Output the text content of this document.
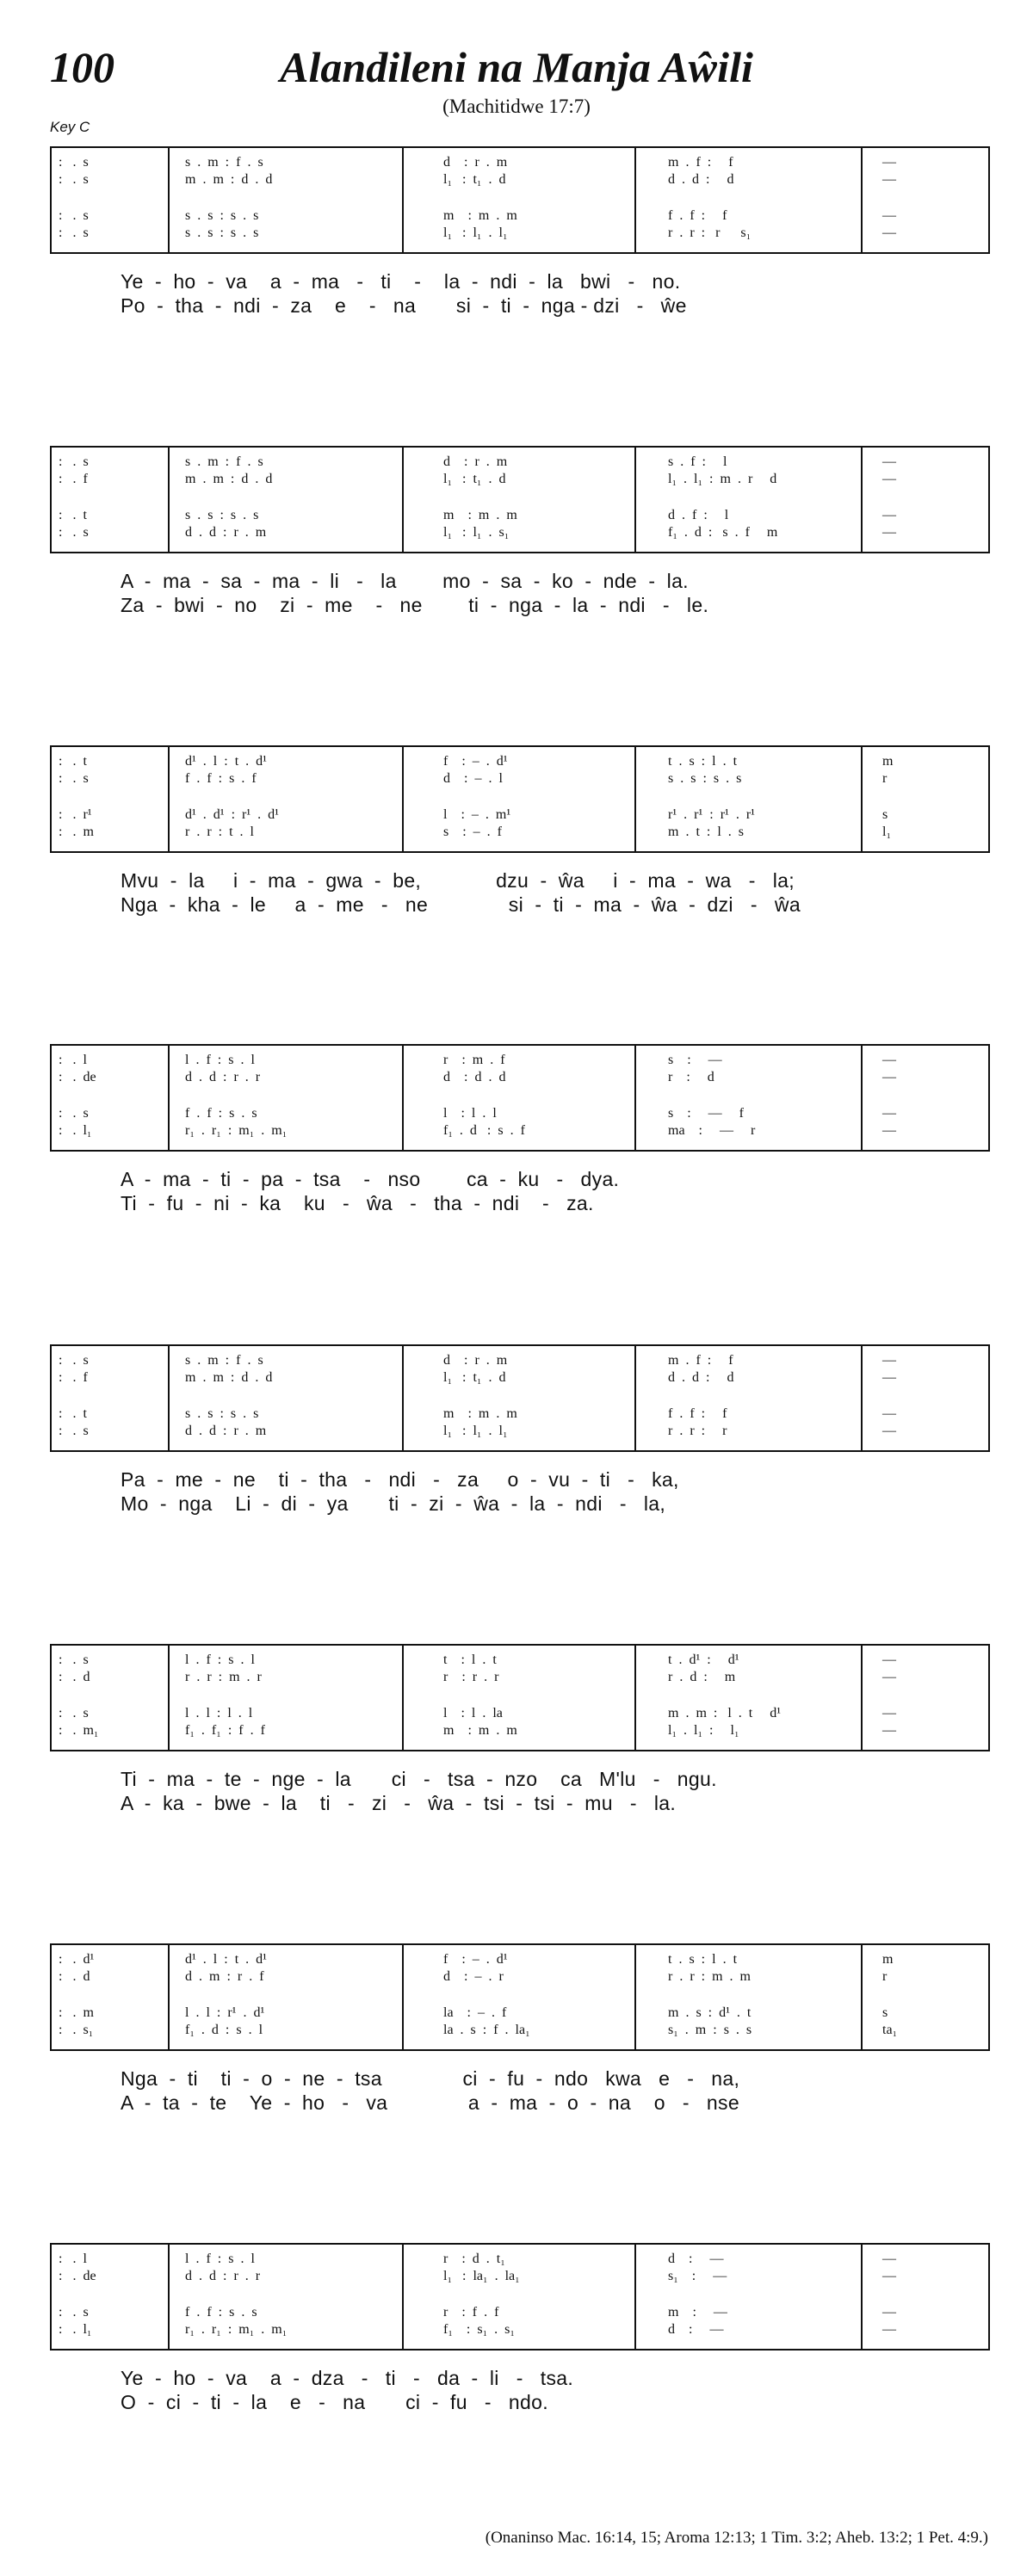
100	Alandileni na Manja Aŵili
(Machitidwe 17:7)
Key C
:   .  s	s  .  m  :  f  .  s	d    :  r  .  m	m  .  f  :     f	—
:   .  s	m  .  m  :  d  .  d	l₁   :  t₁  .  d	d  .  d  :     d	—
:   .  s	s  .  s  :  s  .  s	m    :  m  .  m	f  .  f  :     f	—
:   .  s	s  .  s  :  s  .  s	l₁   :  l₁  .  l₁	r  .  r  :   r      s₁	—
Ye  -  ho  -  va    a  -  ma   -   ti    -    la  -  ndi  -  la   bwi   -   no.
Po  -  tha  -  ndi  -  za    e    -   na       si  -  ti  -  nga - dzi   -   ŵe
:   .  s	s  .  m  :  f  .  s	d    :  r  .  m	s  .  f  :     l	—
:   .  f	m  .  m  :  d  .  d	l₁   :  t₁  .  d	l₁  .  l₁  :  m  .  r     d	—
:   .  t	s  .  s  :  s  .  s	m    :  m  .  m	d  .  f  :     l	—
:   .  s	d  .  d  :  r  .  m	l₁   :  l₁  .  s₁	f₁  .  d  :   s  .  f     m	—
A  -  ma  -  sa  -  ma  -  li   -   la        mo  -  sa  -  ko  -  nde  -  la.
Za  -  bwi  -  no    zi  -  me    -   ne        ti  -  nga  -  la  -  ndi   -   le.
:   .  t	d¹  .  l  :  t  .  d¹	f    :  –  .  d¹	t  .  s  :  l  .  t	m
:   .  s	f  .  f  :  s  .  f	d    :  –  .  l	s  .  s  :  s  .  s	r
:   .  r¹	d¹  .  d¹  :  r¹  .  d¹	l    :  –  .  m¹	r¹  .  r¹  :  r¹  .  r¹	s
:   .  m	r  .  r  :  t  .  l	s    :  –  .  f	m  .  t  :  l  .  s	l₁
Mvu  -  la     i  -  ma  -  gwa  -  be,             dzu  -  ŵa     i  -  ma  -  wa   -   la;
Nga  -  kha  -  le     a  -  me   -   ne              si  -  ti  -  ma  -  ŵa  -  dzi   -   ŵa
:   .  l	l  .  f  :  s  .  l	r    :  m  .  f	s    :     —	—
:   .  de	d  .  d  :  r  .  r	d    :  d  .  d	r    :     d	—
:   .  s	f  .  f  :  s  .  s	l    :  l  .  l	s    :     —     f	—
:   .  l₁	r₁  .  r₁  :  m₁  .  m₁	f₁  .  d   :  s  .  f	ma    :     —     r	—
A  -  ma  -  ti  -  pa  -  tsa    -   nso        ca  -  ku   -   dya.
Ti  -  fu  -  ni  -  ka    ku   -   ŵa   -   tha  -  ndi    -   za.
:   .  s	s  .  m  :  f  .  s	d    :  r  .  m	m  .  f  :     f	—
:   .  f	m  .  m  :  d  .  d	l₁   :  t₁  .  d	d  .  d  :     d	—
:   .  t	s  .  s  :  s  .  s	m    :  m  .  m	f  .  f  :     f	—
:   .  s	d  .  d  :  r  .  m	l₁   :  l₁  .  l₁	r  .  r  :     r	—
Pa  -  me  -  ne    ti  -  tha   -   ndi   -   za     o  -  vu  -  ti   -   ka,
Mo  -  nga    Li  -  di  -  ya       ti  -  zi  -  ŵa  -  la  -  ndi   -   la,
:   .  s	l  .  f  :  s  .  l	t    :  l  .  t	t  .  d¹  :     d¹	—
:   .  d	r  .  r  :  m  .  r	r    :  r  .  r	r  .  d  :     m	—
:   .  s	l  .  l  :  l  .  l	l    :  l  .  la	m  .  m  :   l  .  t     d¹	—
:   .  m₁	f₁  .  f₁  :  f  .  f	m    :  m  .  m	l₁  .  l₁  :     l₁	—
Ti  -  ma  -  te  -  nge  -  la       ci   -   tsa  -  nzo    ca   M'lu   -   ngu.
A  -  ka  -  bwe  -  la    ti   -   zi   -   ŵa  -  tsi  -  tsi  -  mu   -   la.
:   .  d¹	d¹  .  l  :  t  .  d¹	f    :  –  .  d¹	t  .  s  :  l  .  t	m
:   .  d	d  .  m  :  r  .  f	d    :  –  .  r	r  .  r  :  m  .  m	r
:   .  m	l  .  l  :  r¹  .  d¹	la    :  –  .  f	m  .  s  :  d¹  .  t	s
:   .  s₁	f₁  .  d  :  s  .  l	la  .  s  :  f  .  la₁	s₁  .  m  :  s  .  s	ta₁
Nga  -  ti    ti  -  o  -  ne  -  tsa              ci  -  fu  -  ndo   kwa   e   -   na,
A  -  ta  -  te    Ye  -  ho   -   va              a  -  ma  -  o  -  na    o   -   nse
:   .  l	l  .  f  :  s  .  l	r    :  d  .  t₁	d    :     —	—
:   .  de	d  .  d  :  r  .  r	l₁   :  la₁  .  la₁	s₁    :     —	—
:   .  s	f  .  f  :  s  .  s	r    :  f  .  f	m    :     —	—
:   .  l₁	r₁  .  r₁  :  m₁  .  m₁	f₁    :  s₁  .  s₁	d    :     —	—
Ye  -  ho  -  va    a  -  dza   -   ti   -   da  -  li   -   tsa.
O  -  ci  -  ti  -  la    e   -   na       ci  -  fu   -   ndo.
(Onaninso Mac. 16:14, 15; Aroma 12:13; 1 Tim. 3:2; Aheb. 13:2; 1 Pet. 4:9.)
